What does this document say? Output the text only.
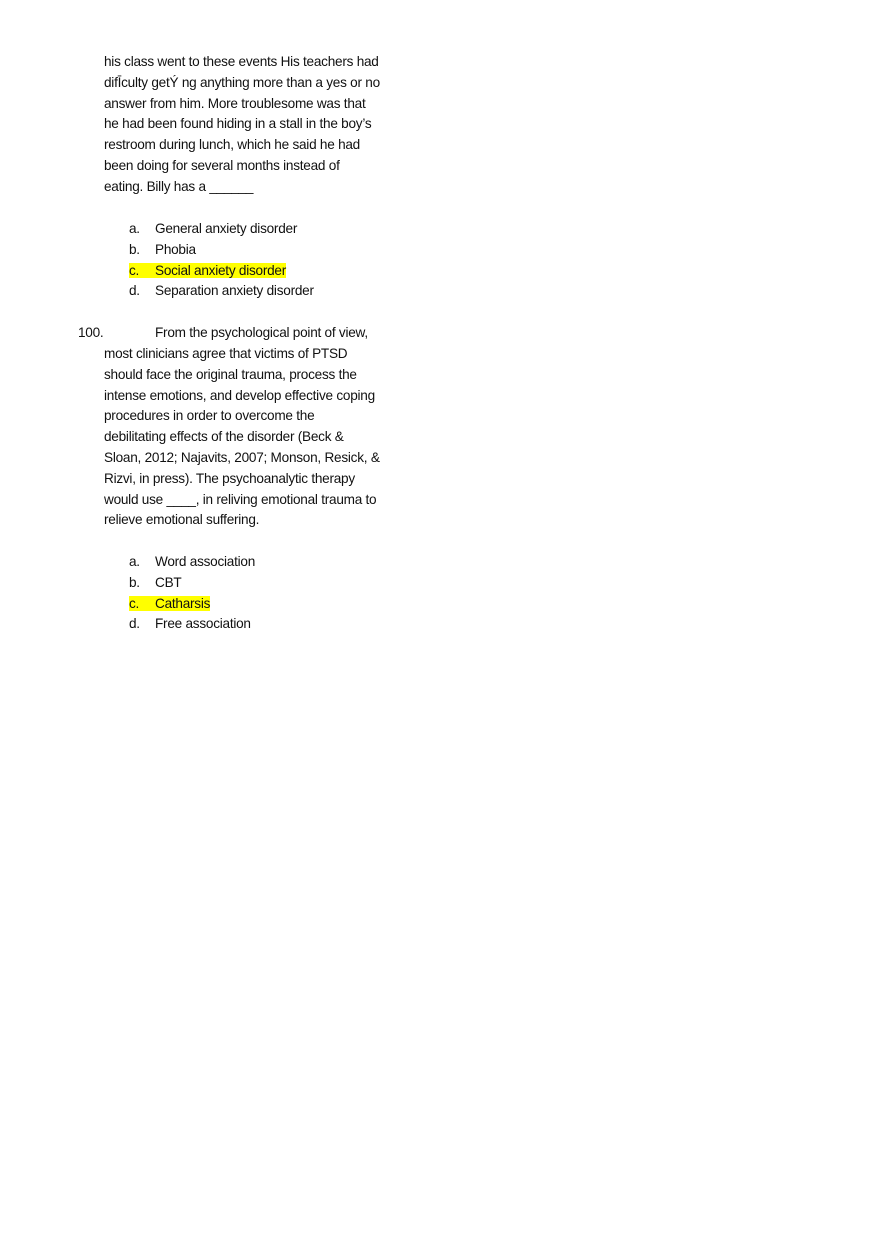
his class went to these events His teachers had
difĪculty getÝ ng anything more than a yes or no
answer from him. More troublesome was that
he had been found hiding in a stall in the boy’s
restroom during lunch, which he said he had
been doing for several months instead of
eating. Billy has a ______
a. General anxiety disorder
b. Phobia
c. Social anxiety disorder
d. Separation anxiety disorder
100.	From the psychological point of view,
most clinicians agree that victims of PTSD
should face the original trauma, process the
intense emotions, and develop effective coping
procedures in order to overcome the
debilitating effects of the disorder (Beck &
Sloan, 2012; Najavits, 2007; Monson, Resick, &
Rizvi, in press). The psychoanalytic therapy
would use ____, in reliving emotional trauma to
relieve emotional suffering.
a. Word association
b. CBT
c. Catharsis
d. Free association
